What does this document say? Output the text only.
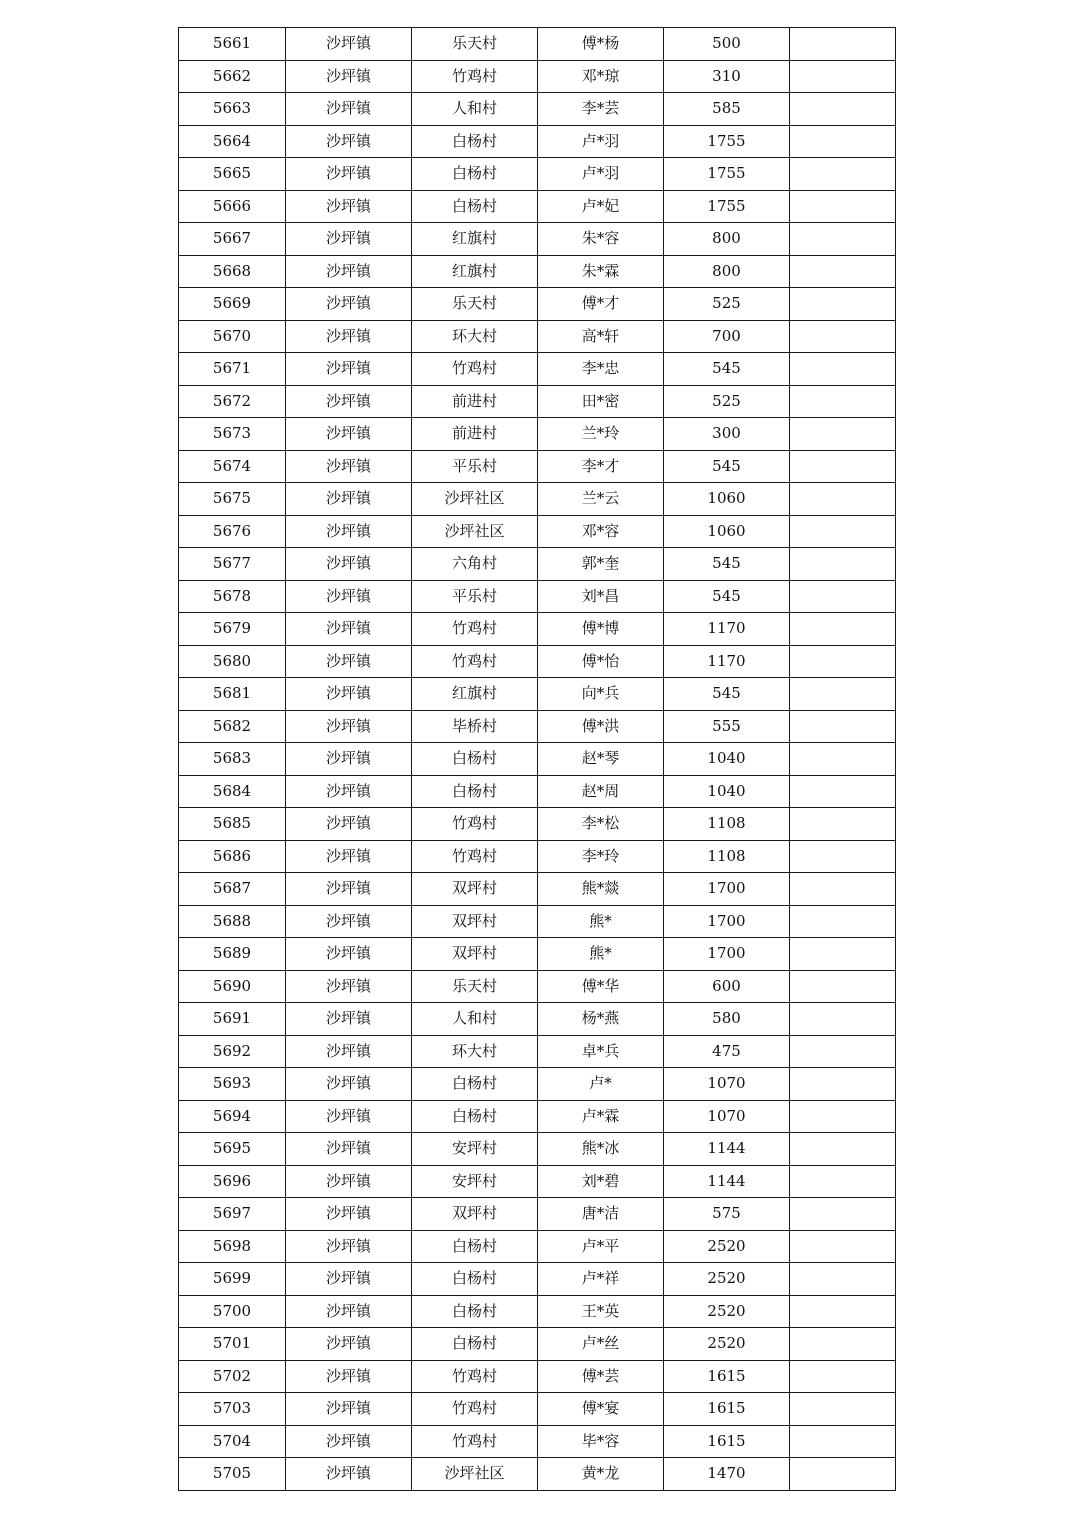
5661	沙坪镇	乐天村	傅*杨	500	
5662	沙坪镇	竹鸡村	邓*琼	310	
5663	沙坪镇	人和村	李*芸	585	
5664	沙坪镇	白杨村	卢*羽	1755	
5665	沙坪镇	白杨村	卢*羽	1755	
5666	沙坪镇	白杨村	卢*妃	1755	
5667	沙坪镇	红旗村	朱*容	800	
5668	沙坪镇	红旗村	朱*霖	800	
5669	沙坪镇	乐天村	傅*才	525	
5670	沙坪镇	环大村	高*轩	700	
5671	沙坪镇	竹鸡村	李*忠	545	
5672	沙坪镇	前进村	田*密	525	
5673	沙坪镇	前进村	兰*玲	300	
5674	沙坪镇	平乐村	李*才	545	
5675	沙坪镇	沙坪社区	兰*云	1060	
5676	沙坪镇	沙坪社区	邓*容	1060	
5677	沙坪镇	六角村	郭*奎	545	
5678	沙坪镇	平乐村	刘*昌	545	
5679	沙坪镇	竹鸡村	傅*博	1170	
5680	沙坪镇	竹鸡村	傅*怡	1170	
5681	沙坪镇	红旗村	向*兵	545	
5682	沙坪镇	毕桥村	傅*洪	555	
5683	沙坪镇	白杨村	赵*琴	1040	
5684	沙坪镇	白杨村	赵*周	1040	
5685	沙坪镇	竹鸡村	李*松	1108	
5686	沙坪镇	竹鸡村	李*玲	1108	
5687	沙坪镇	双坪村	熊*燚	1700	
5688	沙坪镇	双坪村	熊*	1700	
5689	沙坪镇	双坪村	熊*	1700	
5690	沙坪镇	乐天村	傅*华	600	
5691	沙坪镇	人和村	杨*燕	580	
5692	沙坪镇	环大村	卓*兵	475	
5693	沙坪镇	白杨村	卢*	1070	
5694	沙坪镇	白杨村	卢*霖	1070	
5695	沙坪镇	安坪村	熊*冰	1144	
5696	沙坪镇	安坪村	刘*碧	1144	
5697	沙坪镇	双坪村	唐*洁	575	
5698	沙坪镇	白杨村	卢*平	2520	
5699	沙坪镇	白杨村	卢*祥	2520	
5700	沙坪镇	白杨村	王*英	2520	
5701	沙坪镇	白杨村	卢*丝	2520	
5702	沙坪镇	竹鸡村	傅*芸	1615	
5703	沙坪镇	竹鸡村	傅*宴	1615	
5704	沙坪镇	竹鸡村	毕*容	1615	
5705	沙坪镇	沙坪社区	黄*龙	1470	
